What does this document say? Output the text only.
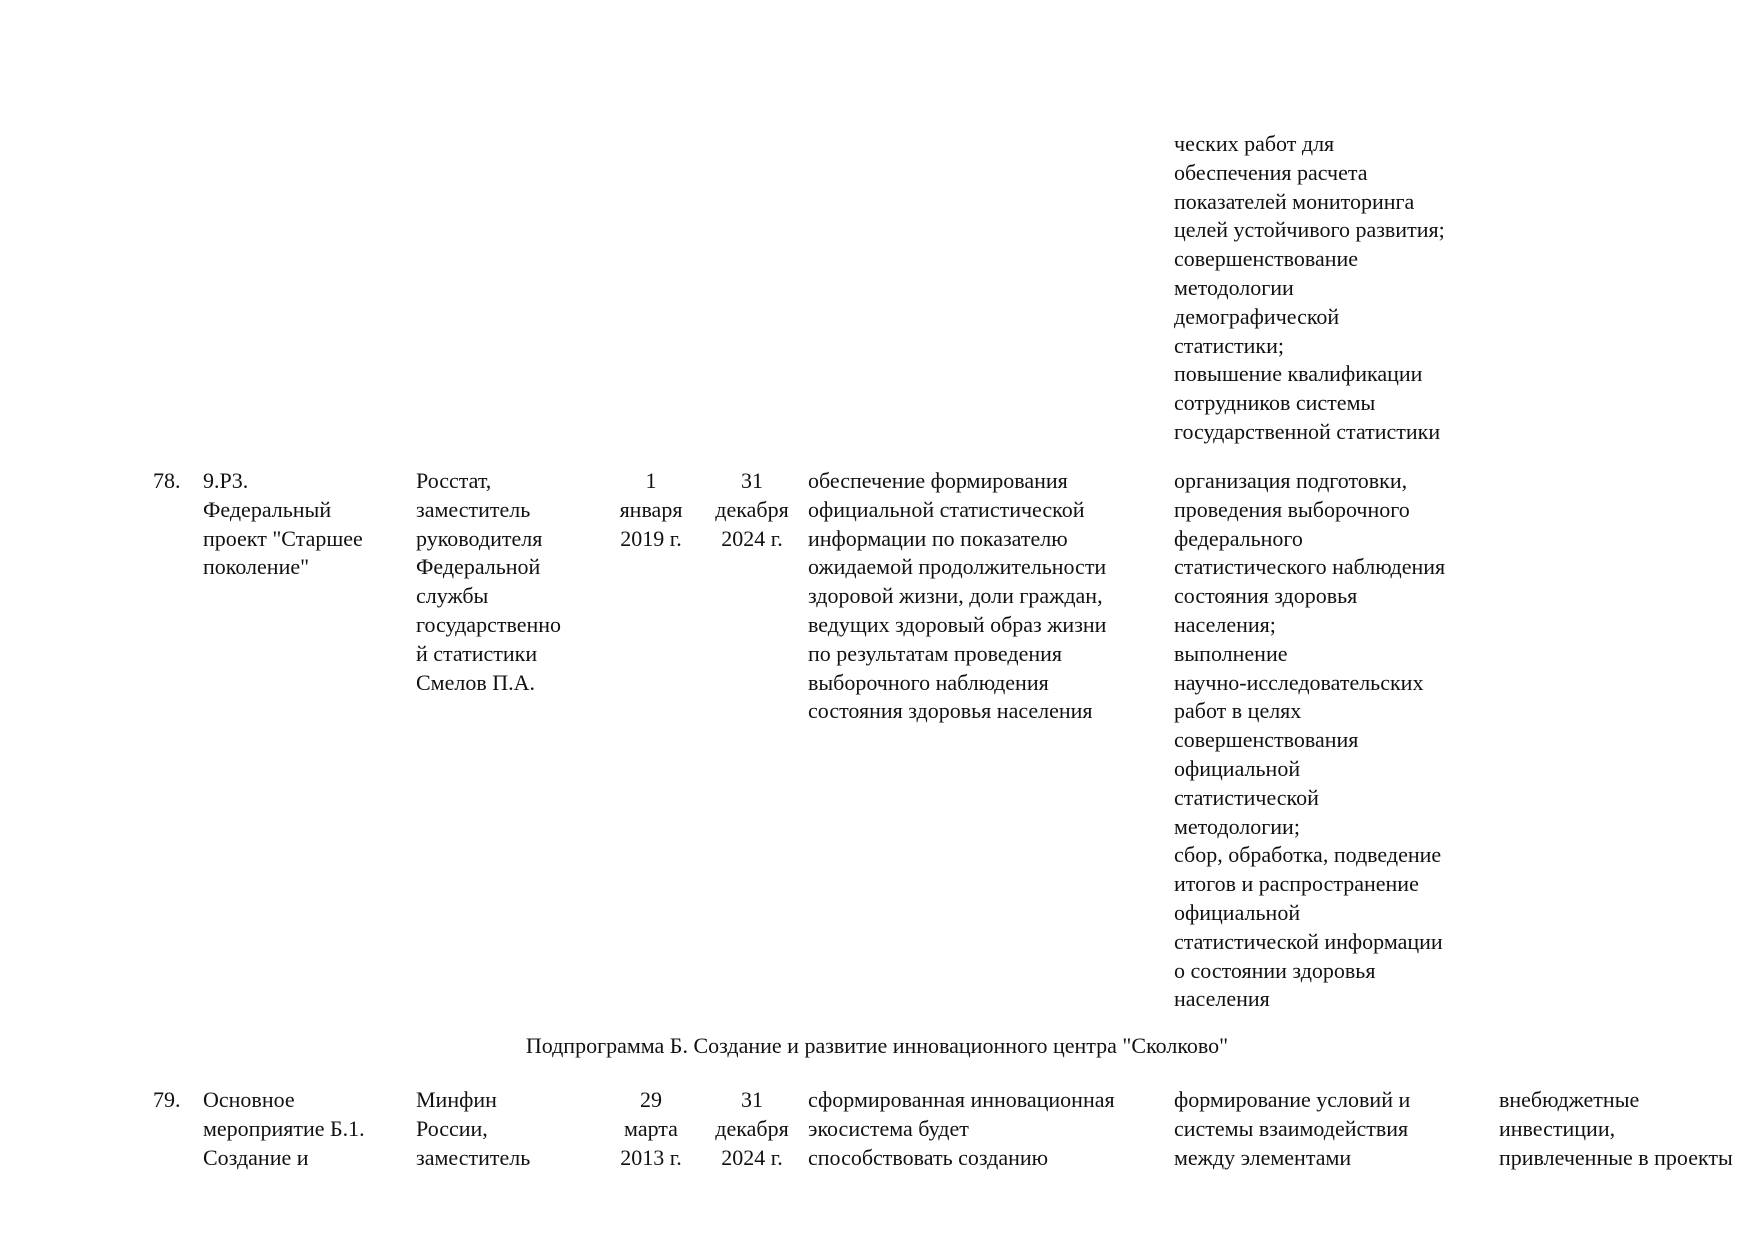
ческих работ для
обеспечения расчета
показателей мониторинга
целей устойчивого развития;
совершенствование
методологии
демографической
статистики;
повышение квалификации
сотрудников системы
государственной статистики
78. 9.Р3.
Федеральный
проект "Старшее
поколение"
Росстат,
заместитель
руководителя
Федеральной
службы
государственно
й статистики
Смелов П.А.
1
января
2019 г.
31
декабря
2024 г.
обеспечение формирования
официальной статистической
информации по показателю
ожидаемой продолжительности
здоровой жизни, доли граждан,
ведущих здоровый образ жизни
по результатам проведения
выборочного наблюдения
состояния здоровья населения
организация подготовки,
проведения выборочного
федерального
статистического наблюдения
состояния здоровья
населения;
выполнение
научно-исследовательских
работ в целях
совершенствования
официальной
статистической
методологии;
сбор, обработка, подведение
итогов и распространение
официальной
статистической информации
о состоянии здоровья
населения
Подпрограмма Б. Создание и развитие инновационного центра "Сколково"
79. Основное
мероприятие Б.1.
Создание и
Минфин
России,
заместитель
29
марта
2013 г.
31
декабря
2024 г.
сформированная инновационная
экосистема будет
способствовать созданию
формирование условий и
системы взаимодействия
между элементами
внебюджетные
инвестиции,
привлеченные в проекты
